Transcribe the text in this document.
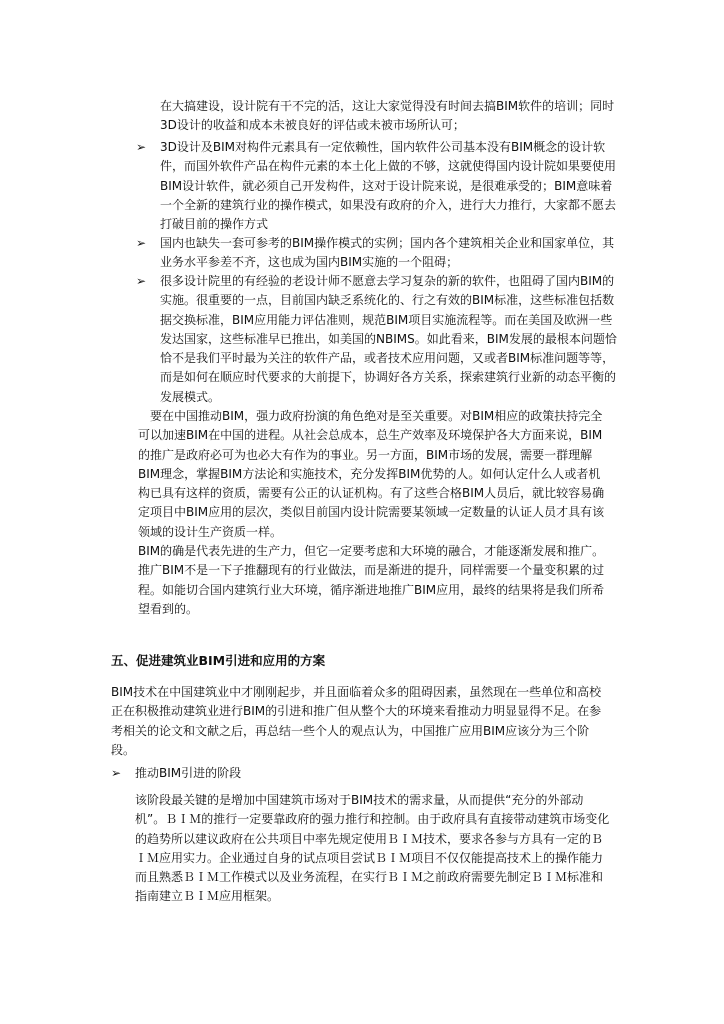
在大搞建设，设计院有干不完的活，这让大家觉得没有时间去搞BIM软件的培训；同时3D设计的收益和成本未被良好的评估或未被市场所认可；
➢ 3D设计及BIM对构件元素具有一定依赖性，国内软件公司基本没有BIM概念的设计软件，而国外软件产品在构件元素的本土化上做的不够，这就使得国内设计院如果要使用BIM设计软件，就必须自己开发构件，这对于设计院来说，是很难承受的；BIM意味着一个全新的建筑行业的操作模式，如果没有政府的介入，进行大力推行，大家都不愿去打破目前的操作方式
➢ 国内也缺失一套可参考的BIM操作模式的实例；国内各个建筑相关企业和国家单位，其业务水平参差不齐，这也成为国内BIM实施的一个阻碍；
➢ 很多设计院里的有经验的老设计师不愿意去学习复杂的新的软件，也阻碍了国内BIM的实施。很重要的一点，目前国内缺乏系统化的、行之有效的BIM标准，这些标准包括数据交换标准，BIM应用能力评估准则，规范BIM项目实施流程等。而在美国及欧洲一些发达国家，这些标准早已推出，如美国的NBIMS。如此看来，BIM发展的最根本问题恰恰不是我们平时最为关注的软件产品，或者技术应用问题，又或者BIM标准问题等等，而是如何在顺应时代要求的大前提下，协调好各方关系，探索建筑行业新的动态平衡的发展模式。
要在中国推动BIM，强力政府扮演的角色绝对是至关重要。对BIM相应的政策扶持完全可以加速BIM在中国的进程。从社会总成本，总生产效率及环境保护各大方面来说，BIM的推广是政府必可为也必大有作为的事业。另一方面，BIM市场的发展，需要一群理解BIM理念，掌握BIM方法论和实施技术，充分发挥BIM优势的人。如何认定什么人或者机构已具有这样的资质，需要有公正的认证机构。有了这些合格BIM人员后，就比较容易确定项目中BIM应用的层次，类似目前国内设计院需要某领域一定数量的认证人员才具有该领域的设计生产资质一样。
BIM的确是代表先进的生产力，但它一定要考虑和大环境的融合，才能逐渐发展和推广。推广BIM不是一下子推翻现有的行业做法，而是渐进的提升，同样需要一个量变积累的过程。如能切合国内建筑行业大环境，循序渐进地推广BIM应用，最终的结果将是我们所希望看到的。
五、促进建筑业BIM引进和应用的方案
BIM技术在中国建筑业中才刚刚起步，并且面临着众多的阻碍因素，虽然现在一些单位和高校正在积极推动建筑业进行BIM的引进和推广但从整个大的环境来看推动力明显显得不足。在参考相关的论文和文献之后，再总结一些个人的观点认为，中国推广应用BIM应该分为三个阶段。
➢ 推动BIM引进的阶段
该阶段最关键的是增加中国建筑市场对于BIM技术的需求量，从而提供“充分的外部动机”。ＢＩＭ的推行一定要靠政府的强力推行和控制。由于政府具有直接带动建筑市场变化的趋势所以建议政府在公共项目中率先规定使用ＢＩＭ技术，要求各参与方具有一定的ＢＩＭ应用实力。企业通过自身的试点项目尝试ＢＩＭ项目不仅仅能提高技术上的操作能力而且熟悉ＢＩＭ工作模式以及业务流程，在实行ＢＩＭ之前政府需要先制定ＢＩＭ标准和指南建立ＢＩＭ应用框架。
